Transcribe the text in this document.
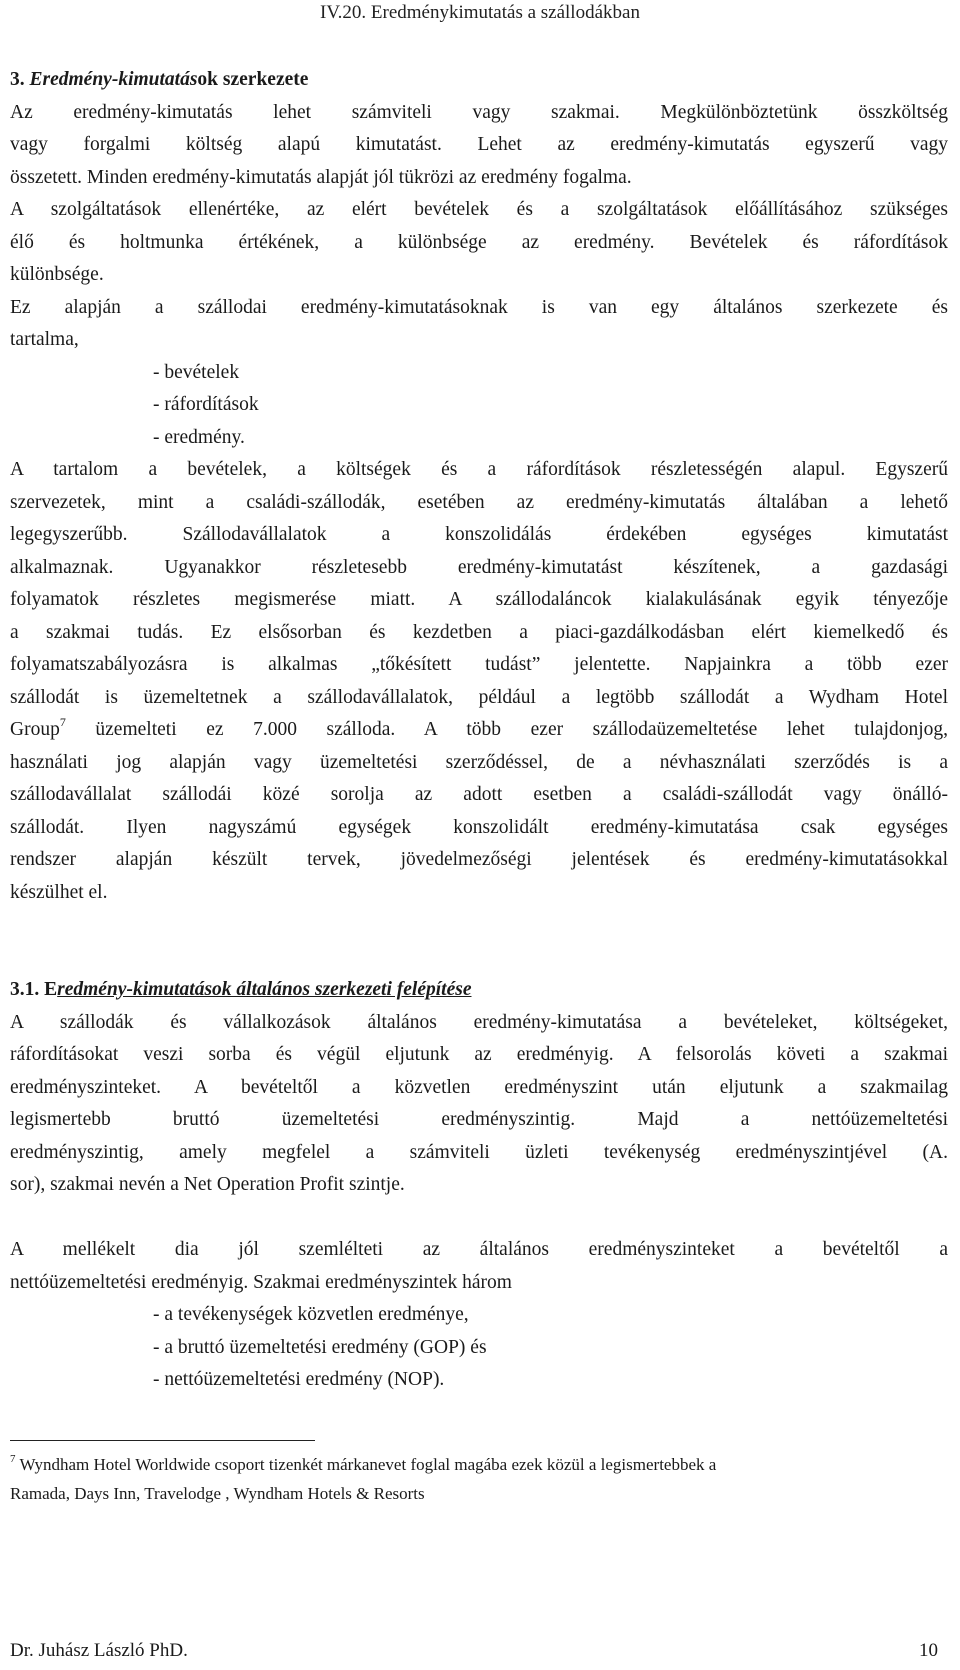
IV.20. Eredménykimutatás a szállodákban
3. Eredmény-kimutatások szerkezete
Az eredmény-kimutatás lehet számviteli vagy szakmai. Megkülönböztetünk összköltség
vagy forgalmi költség alapú kimutatást. Lehet az eredmény-kimutatás egyszerű vagy
összetett. Minden eredmény-kimutatás alapját jól tükrözi az eredmény fogalma.
A szolgáltatások ellenértéke, az elért bevételek és a szolgáltatások előállításához szükséges
élő és holtmunka értékének, a különbsége az eredmény. Bevételek és ráfordítások
különbsége.
Ez alapján a szállodai eredmény-kimutatásoknak is van egy általános szerkezete és
tartalma,
- bevételek
- ráfordítások
- eredmény.
A tartalom a bevételek, a költségek és a ráfordítások részletességén alapul. Egyszerű
szervezetek, mint a családi-szállodák, esetében az eredmény-kimutatás általában a lehető
legegyszerűbb. Szállodavállalatok a konszolidálás érdekében egységes kimutatást
alkalmaznak. Ugyanakkor részletesebb eredmény-kimutatást készítenek, a gazdasági
folyamatok részletes megismerése miatt. A szállodaláncok kialakulásának egyik tényezője
a szakmai tudás. Ez elsősorban és kezdetben a piaci-gazdálkodásban elért kiemelkedő és
folyamatszabályozásra is alkalmas „tőkésített tudást” jelentette. Napjainkra a több ezer
szállodát is üzemeltetnek a szállodavállalatok, például a legtöbb szállodát a Wydham Hotel
Group$^7$ üzemelteti ez 7.000 szálloda. A több ezer szállodaüzemeltetése lehet tulajdonjog,
használati jog alapján vagy üzemeltetési szerződéssel, de a névhasználati szerződés is a
szállodavállalat szállodái közé sorolja az adott esetben a családi-szállodát vagy önálló-
szállodát. Ilyen nagyszámú egységek konszolidált eredmény-kimutatása csak egységes
rendszer alapján készült tervek, jövedelmezőségi jelentések és eredmény-kimutatásokkal
készülhet el.
3.1. Eredmény-kimutatások általános szerkezeti felépítése
A szállodák és vállalkozások általános eredmény-kimutatása a bevételeket, költségeket,
ráfordításokat veszi sorba és végül eljutunk az eredményig. A felsorolás követi a szakmai
eredményszinteket. A bevételtől a közvetlen eredményszint után eljutunk a szakmailag
legismertebb bruttó üzemeltetési eredményszintig. Majd a nettóüzemeltetési
eredményszintig, amely megfelel a számviteli üzleti tevékenység eredményszintjével (A.
sor), szakmai nevén a Net Operation Profit szintje.
A mellékelt dia jól szemlélteti az általános eredményszinteket a bevételtől a
nettóüzemeltetési eredményig. Szakmai eredményszintek három
- a tevékenységek közvetlen eredménye,
- a bruttó üzemeltetési eredmény (GOP) és
- nettóüzemeltetési eredmény (NOP).
$^7$ Wyndham Hotel Worldwide csoport tizenkét márkanevet foglal magába ezek közül a legismertebbek a
Ramada, Days Inn, Travelodge , Wyndham Hotels & Resorts
Dr. Juhász László PhD.	10
